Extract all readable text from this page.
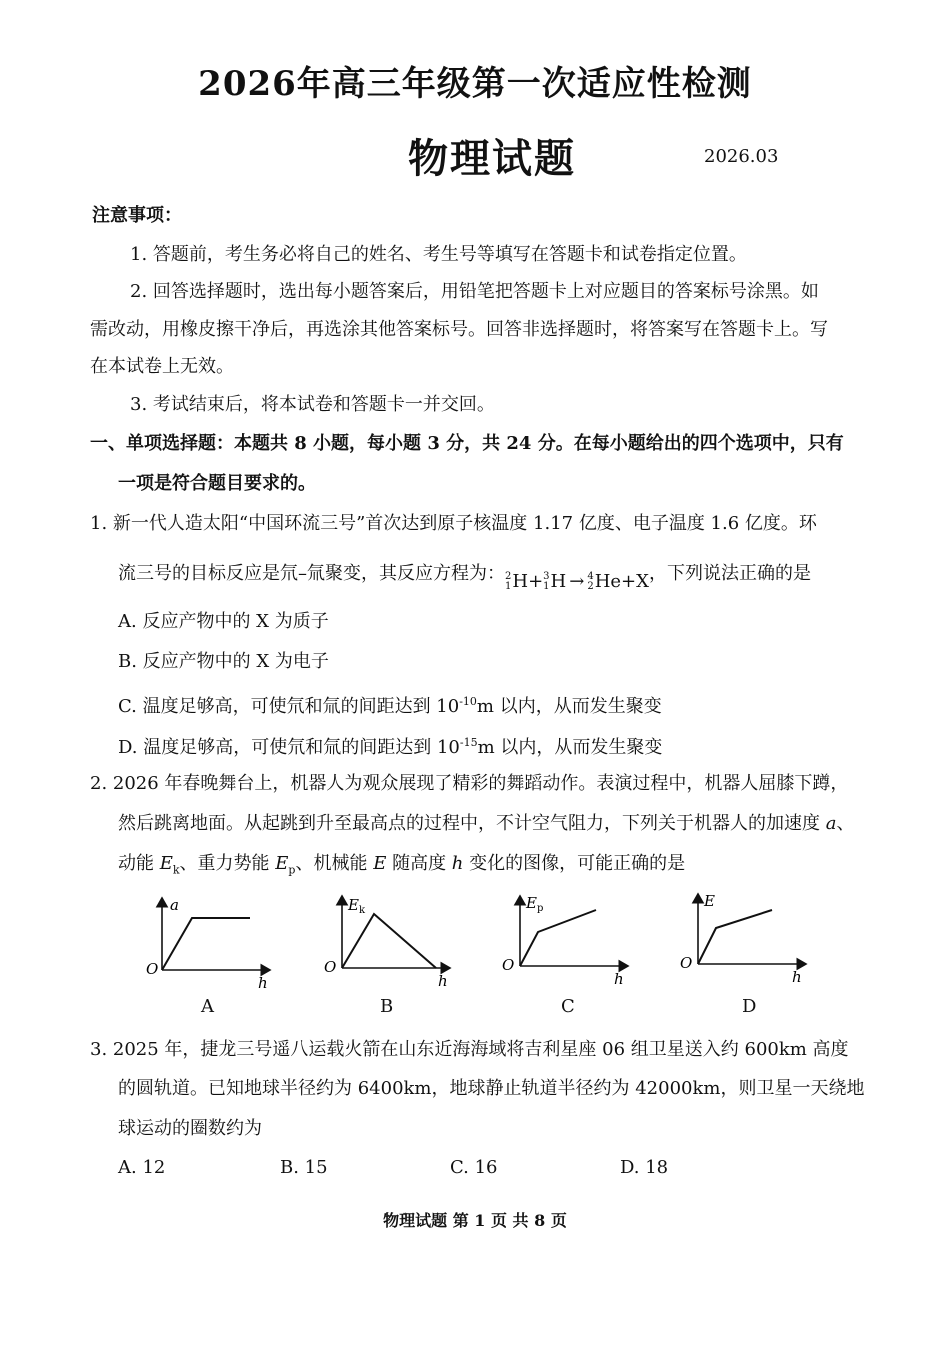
2026年高三年级第一次适应性检测
物理试题	2026.03
注意事项：
1. 答题前，考生务必将自己的姓名、考生号等填写在答题卡和试卷指定位置。
2. 回答选择题时，选出每小题答案后，用铅笔把答题卡上对应题目的答案标号涂黑。如
需改动，用橡皮擦干净后，再选涂其他答案标号。回答非选择题时，将答案写在答题卡上。写
在本试卷上无效。
3. 考试结束后，将本试卷和答题卡一并交回。
一、单项选择题：本题共 8 小题，每小题 3 分，共 24 分。在每小题给出的四个选项中，只有
一项是符合题目要求的。
1. 新一代人造太阳“中国环流三号”首次达到原子核温度 1.17 亿度、电子温度 1.6 亿度。环
流三号的目标反应是氘–氚聚变，其反应方程为： 2
1 H+ 3
1 H → 4
2 He+X ，下列说法正确的是
A. 反应产物中的 X 为质子
B. 反应产物中的 X 为电子
C. 温度足够高，可使氘和氚的间距达到 $10^{-10}m$ 以内，从而发生聚变
D. 温度足够高，可使氘和氚的间距达到 $10^{-15}m$ 以内，从而发生聚变
2. 2026 年春晚舞台上，机器人为观众展现了精彩的舞蹈动作。表演过程中，机器人屈膝下蹲，
然后跳离地面。从起跳到升至最高点的过程中，不计空气阻力，下列关于机器人的加速度 a、
动能 $E_k$、重力势能 $E_p$、机械能 E 随高度 h 变化的图像，可能正确的是
a
h
O
A
$E_k$
h
O
B
$E_p$
h
O
C
E
h
O
D
3. 2025 年，捷龙三号遥八运载火箭在山东近海海域将吉利星座 06 组卫星送入约 600km 高度
的圆轨道。已知地球半径约为 6400km，地球静止轨道半径约为 42000km，则卫星一天绕地
球运动的圈数约为
A. 12	B. 15	C. 16	D. 18
物理试题 第 1 页 共 8 页
